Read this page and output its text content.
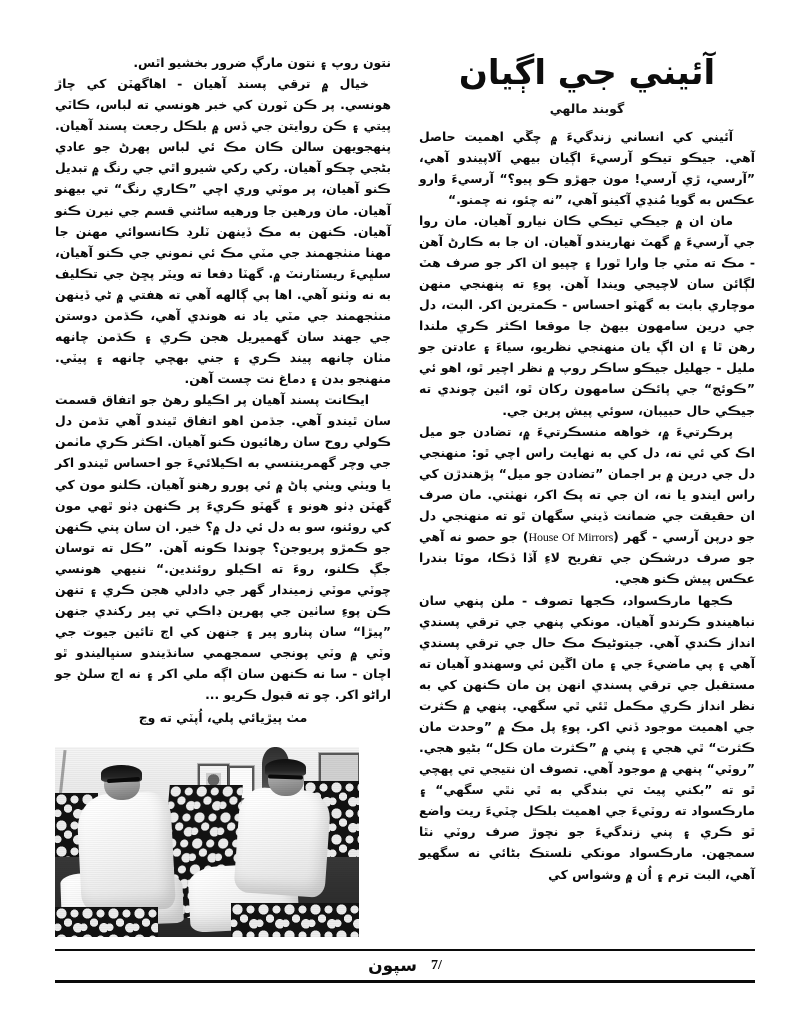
آئيني جي اڳيان
گوبند مالهي

آئيني کي انساني زندگيءَ ۾ چڱي اهميت حاصل آهي. جيڪو تيڪو آرسيءَ اڳيان بيهي آلاپيندو آهي، ”آرسي، ڙي آرسي! مون جهڙو ڪو پيو؟“ آرسيءَ وارو عڪس به گويا مُنڍي آکينو آهي، ”نه چئو، نه چمنو.“

مان ان ۾ جيڪي تيڪي ڪان نيارو آهيان. مان روا جي آرسيءَ ۾ گهٽ نهاريندو آهيان. ان جا به ڪارڻ آهن - مڪ ته مٽي جا وارا ٿورا ۽ چپيو ان اکر جو صرف هٽ لڳائن سان لاچيجي ويندا آهن. پوءِ ته پنهنجي منهن موچاري بابت به گهٽو احساس - ڪمترين اکر. البت، دل جي درين سامهون بيهڻ جا موقعا اڪثر ڪري ملندا رهن ٿا ۽ ان اڳ يان منهنجي نظريو، سياءَ ۽ عادتن جو مليل - جهليل جيڪو ساڪر روپ ۾ نظر اچير ٿو، اهو ئي ”ڪوئج“ جي پائڪن سامهون رکان ٿو، ائين چوندي ته جيڪي حال حبيبان، سوئي پيش پرين جي.

پرڪرتيءَ ۾، خواهه منسڪرتيءَ ۾، تضادن جو ميل اڪ کي ئي نه، دل کي به نهايت راس اچي ٿو: منهنجي دل جي درين ۾ بر اجمان ”تضادن جو ميل“ پڙهندڙن کي راس ايندو يا نه، ان جي ته پڪ اکر، نهٺتي. مان صرف ان حقيقت جي ضمانت ڏيني سگهان ٿو ته منهنجي دل جو درپن آرسي - گهر (House Of Mirrors) جو حصو نه آهي جو صرف درشڪن جي تفريح لاءِ آڏا ڏڪا، موٽا بندرا عڪس پيش ڪنو هجي.

ڪجها مارڪسواد، ڪجها تصوف - ملن پنهي سان نباهيندو ڪرندو آهيان. مونکي پنهي جي ترقي پسندي انداز ڪندي آهي. جيتوڻيڪ مڪ حال جي ترقي پسندي آهي ۽ پي ماضيءَ جي ۽ مان اڱين ئي وسهندو آهيان ته مستقبل جي ترقي پسندي انهن پن مان ڪنهن کي به نظر انداز ڪري مڪمل ٿئي ٿي سگهي. پنهي ۾ ڪثرت جي اهميت موجود ڏني اکر. پوءِ پل مڪ ۾ ”وحدت مان ڪثرت“ ٿي هجي ۽ پني ۾ ”ڪثرت مان ڪل“ بڻيو هجي. ”روٽي“ پنهي ۾ موجود آهي. تصوف ان نتيجي تي پهچي ٿو ته ”بکني پيٽ تي بندگي به ٿي نٿي سگهي“ ۽ مارڪسواد ته روٽيءَ جي اهميت بلڪل چٽيءَ ريت واضع ٿو ڪري ۽ پني زندگيءَ جو نچوڙ صرف روٽي نٿا سمجهن. مارڪسواد مونکي نلستڪ بڻائي نه سگهيو آهي، البت ترم ۽ اُن ۾ وشواس کي

نتون روپ ۽ نتون مارڳ ضرور بخشيو اٿس.

خيال ۾ ترقي پسند آهيان - اهاگهٽن کي چاڙ هونسي. پر ڪن ٽورن کي خبر هونسي ته لباس، ڪاٽي پيتي ۽ ڪن روايتن جي ڏس ۾ بلڪل رجعت پسند آهيان. پنهجويهن سالن ڪان مڪ ئي لباس پهرڻ جو عادي بڻجي چڪو آهيان. رکي رکي شيرو اٿي جي رنگ ۾ تبديل ڪنو آهيان، پر موٽي وري اچي ”ڪاري رنگ“ تي بيهنو آهيان. مان ورهين جا ورهيه ساڻني قسم جي نيرن ڪنو آهيان. ڪنهن به مڪ ڏينهن ٽلرڊ ڪانسوائي مهنن جا مهنا منٺجهمند جي مٽي مڪ ئي نموني جي ڪنو آهيان، سلڀيءَ ريسٽارنٽ ۾. گهٽا دفعا ته ويٽر پڇڻ جي تڪليف به نه وٺنو آهي. اها ٻي ڳالهه آهي ته هفتي ۾ ٹي ڏينهن منٺجهمند جي مٽي ياد نه هوندي آهي، ڪڌمن دوستن جي جهند سان گهميريل هجن ڪري ۽ ڪڌمن چانهه مٺان چانهه پيند ڪري ۽ جني بهچي چانهه ۽ پيٽي. منهنجو بدن ۽ دماغ نت چست آهن.

ايڪانت پسند آهيان پر اڪيلو رهڻ جو اتفاق قسمت سان ٿيندو آهي. جڌمن اهو اتفاق ٿيندو آهي تڌمن دل ڪولي روح سان رهائيون ڪنو آهيان. اڪثر ڪري ماٺمن جي وچر گهمريننسي به اڪيلائيءَ جو احساس ٿيندو اکر يا ويٺي ويٺي پاڻ ۾ ئي پورو رهنو آهيان. ڪلنو مون کي گهٽن ڊٺو هونو ۽ گهٽو ڪريءَ پر ڪنهن ڊٺو ٿهي مون کي روئنو، سو به دل ئي دل ۾؟ خير. ان سان پني ڪنهن جو ڪمڙو پريوجن؟ چوندا ڪونه آهن. ”ڪل ته توسان جڳ ڪلنو، روءَ ته اڪيلو روئندين.“ ننيهي هونسي چوٽي موٽي زميندار گهر جي دادلي هجن ڪري ۽ تنهن ڪن پوءِ ساٺين جي پهرين ڊاڪي تي پير رکندي جنهن ”پيڙا“ سان پنارو پير ۽ جنهن کي اڄ تائين جيوت جي وٽي ۾ وٽي پونجي سمجهمي سانڌيندو سنڀاليندو ٿو اچان - سا نه ڪنهن سان اڳه ملي اکر ۽ نه اڄ سلڻ جو اراڻو اکر. چو ته قبول ڪريو ...

مٺ پيڙيائي پلي، اُپٽي ته وڃ

7/
سپون
